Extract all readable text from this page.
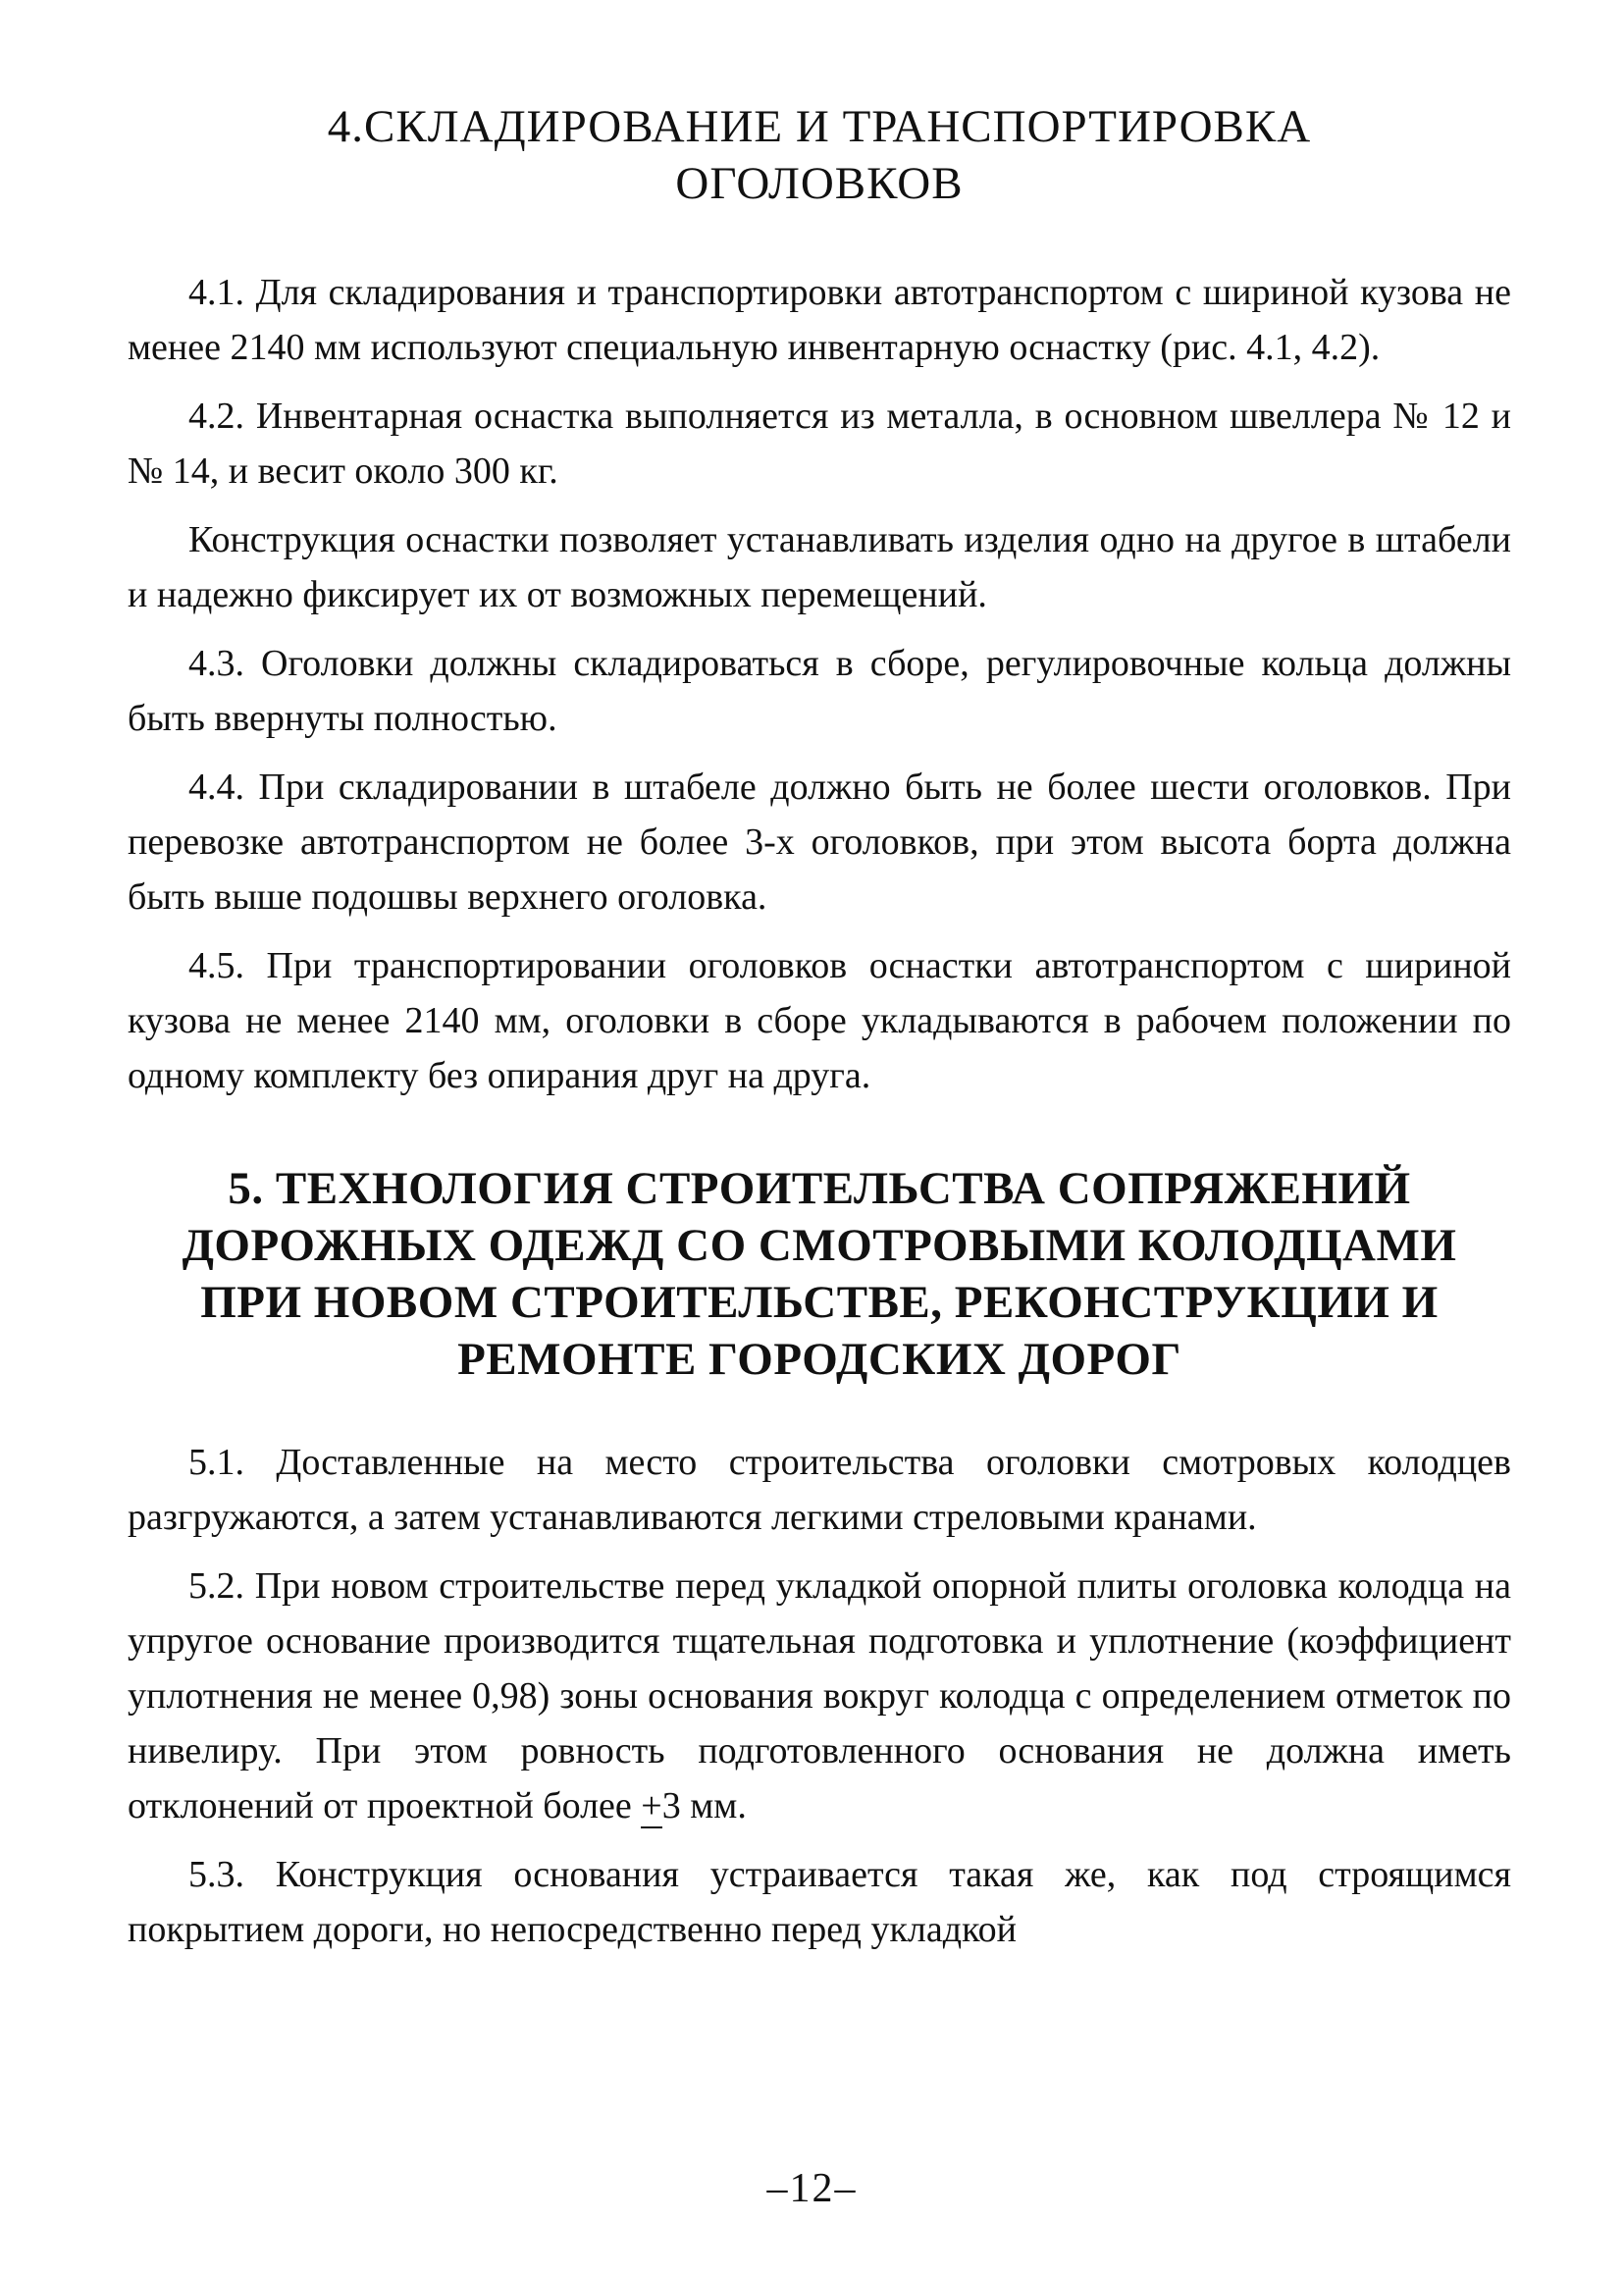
4.СКЛАДИРОВАНИЕ И ТРАНСПОРТИРОВКА
ОГОЛОВКОВ

4.1. Для складирования и транспортировки автотранспортом с шириной кузова не менее 2140 мм используют специальную инвентарную оснастку (рис. 4.1, 4.2).

4.2. Инвентарная оснастка выполняется из металла, в основном швеллера № 12 и № 14, и весит около 300 кг.

Конструкция оснастки позволяет устанавливать изделия одно на другое в штабели и надежно фиксирует их от возможных перемещений.

4.3. Оголовки должны складироваться в сборе, регулировочные кольца должны быть ввернуты полностью.

4.4. При складировании в штабеле должно быть не более шести оголовков. При перевозке автотранспортом не более 3-х оголовков, при этом высота борта должна быть выше подошвы верхнего оголовка.

4.5. При транспортировании оголовков оснастки автотранспортом с шириной кузова не менее 2140 мм, оголовки в сборе укладываются в рабочем положении по одному комплекту без опирания друг на друга.

5. ТЕХНОЛОГИЯ СТРОИТЕЛЬСТВА СОПРЯЖЕНИЙ
ДОРОЖНЫХ ОДЕЖД СО СМОТРОВЫМИ КОЛОДЦАМИ
ПРИ НОВОМ СТРОИТЕЛЬСТВЕ, РЕКОНСТРУКЦИИ И
РЕМОНТЕ ГОРОДСКИХ ДОРОГ

5.1. Доставленные на место строительства оголовки смотровых колодцев разгружаются, а затем устанавливаются легкими стреловыми кранами.

5.2. При новом строительстве перед укладкой опорной плиты оголовка колодца на упругое основание производится тщательная подготовка и уплотнение (коэффициент уплотнения не менее 0,98) зоны основания вокруг колодца с определением отметок по нивелиру. При этом ровность подготовленного основания не должна иметь отклонений от проектной более +3 мм.

5.3. Конструкция основания устраивается такая же, как под строящимся покрытием дороги, но непосредственно перед укладкой

–12–
